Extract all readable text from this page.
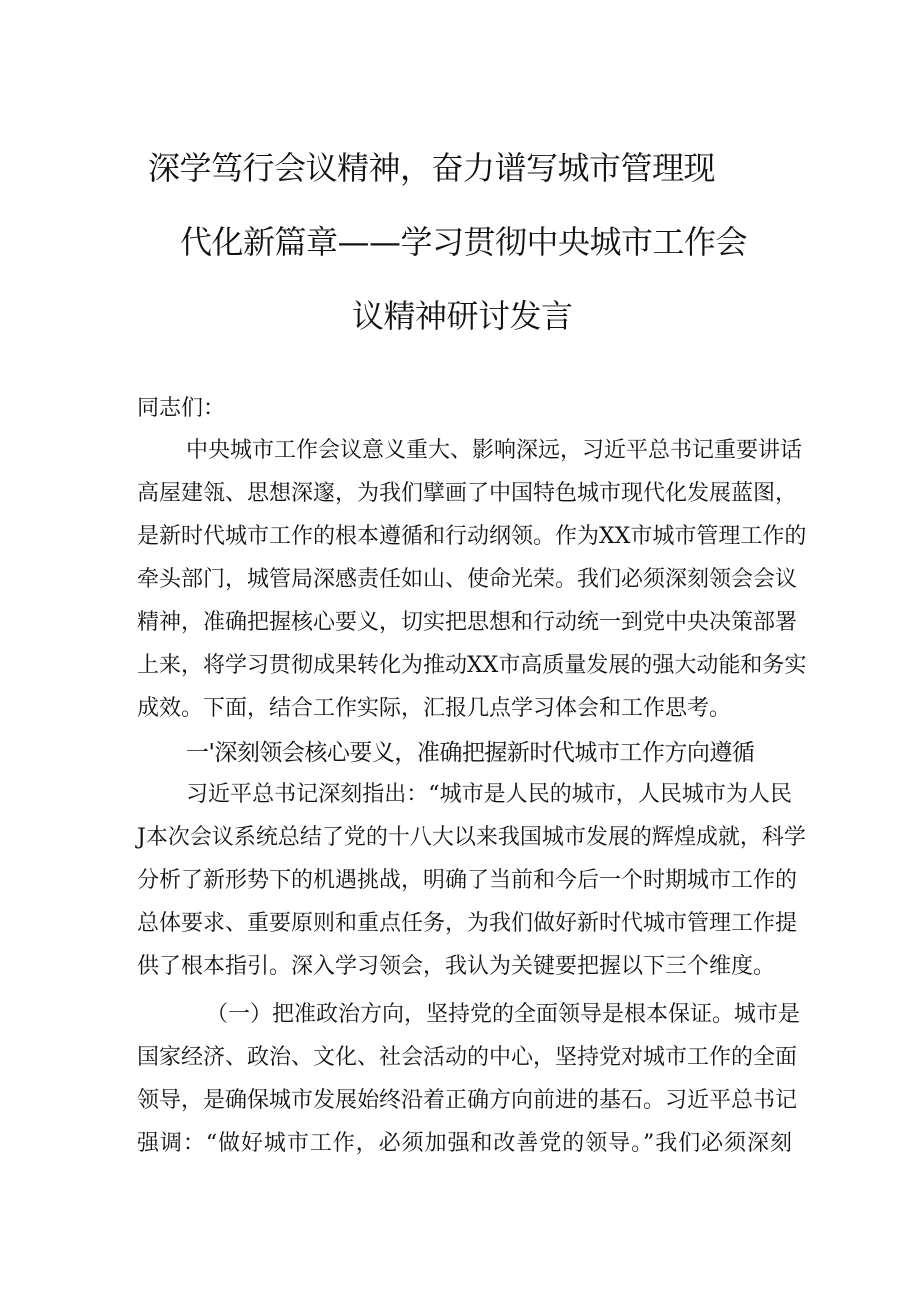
深学笃行会议精神，奋力谱写城市管理现
代化新篇章——学习贯彻中央城市工作会
议精神研讨发言
同志们：
中央城市工作会议意义重大、影响深远，习近平总书记重要讲话
高屋建瓴、思想深邃，为我们擘画了中国特色城市现代化发展蓝图，
是新时代城市工作的根本遵循和行动纲领。作为XX市城市管理工作的
牵头部门，城管局深感责任如山、使命光荣。我们必须深刻领会会议
精神，准确把握核心要义，切实把思想和行动统一到党中央决策部署
上来，将学习贯彻成果转化为推动XX市高质量发展的强大动能和务实
成效。下面，结合工作实际，汇报几点学习体会和工作思考。
一'深刻领会核心要义，准确把握新时代城市工作方向遵循
习近平总书记深刻指出：“城市是人民的城市，人民城市为人民
J本次会议系统总结了党的十八大以来我国城市发展的辉煌成就，科学
分析了新形势下的机遇挑战，明确了当前和今后一个时期城市工作的
总体要求、重要原则和重点任务，为我们做好新时代城市管理工作提
供了根本指引。深入学习领会，我认为关键要把握以下三个维度。
（一）把准政治方向，坚持党的全面领导是根本保证。城市是
国家经济、政治、文化、社会活动的中心，坚持党对城市工作的全面
领导，是确保城市发展始终沿着正确方向前进的基石。习近平总书记
强调：“做好城市工作，必须加强和改善党的领导。”我们必须深刻
